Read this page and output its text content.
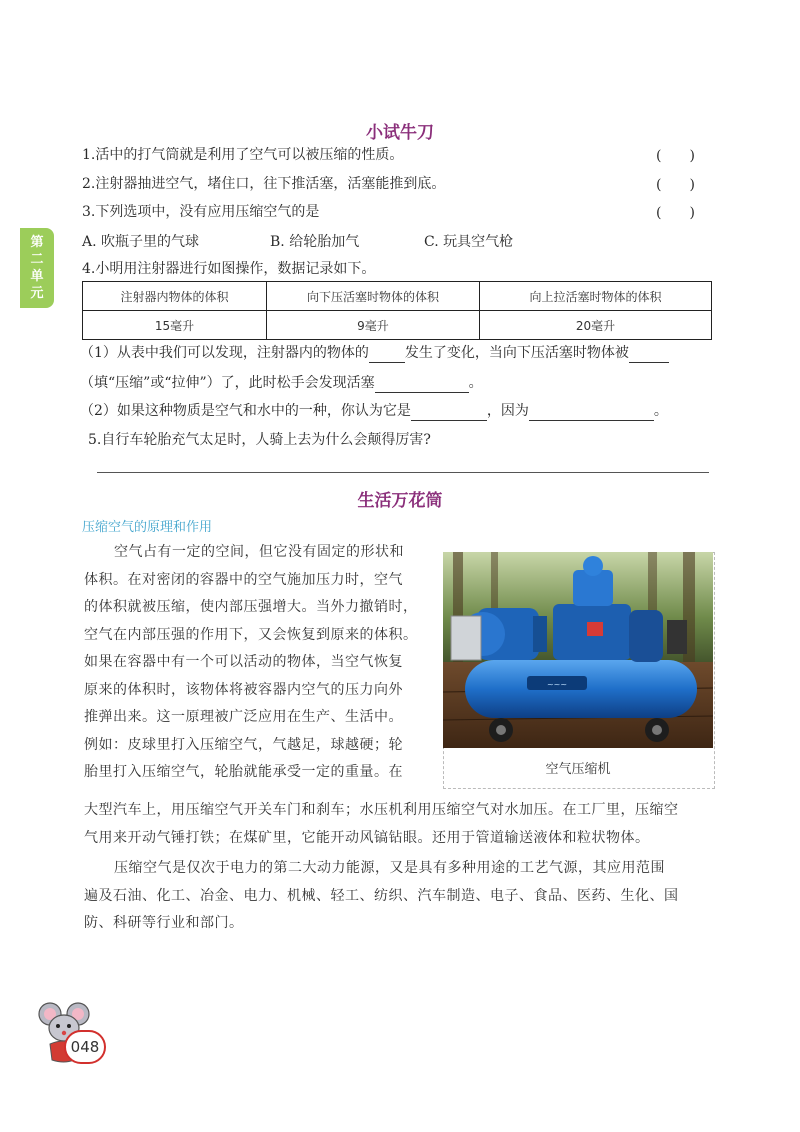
第二单元
小试牛刀
1.活中的打气筒就是利用了空气可以被压缩的性质。	(　　)
2.注射器抽进空气，堵住口，往下推活塞，活塞能推到底。	(　　)
3.下列选项中，没有应用压缩空气的是	(　　)
A. 吹瓶子里的气球	B. 给轮胎加气	C. 玩具空气枪
4.小明用注射器进行如图操作，数据记录如下。
注射器内物体的体积	向下压活塞时物体的体积	向上拉活塞时物体的体积
15毫升	9毫升	20毫升
（1）从表中我们可以发现，注射器内的物体的	发生了变化，当向下压活塞时物体被
（填“压缩”或“拉伸”）了，此时松手会发现活塞	。
（2）如果这种物质是空气和水中的一种，你认为它是	，因为	。
5.自行车轮胎充气太足时，人骑上去为什么会颠得厉害?
生活万花筒
压缩空气的原理和作用
空气占有一定的空间，但它没有固定的形状和
体积。在对密闭的容器中的空气施加压力时，空气
的体积就被压缩，使内部压强增大。当外力撤销时，
空气在内部压强的作用下，又会恢复到原来的体积。
如果在容器中有一个可以活动的物体，当空气恢复
原来的体积时，该物体将被容器内空气的压力向外
推弹出来。这一原理被广泛应用在生产、生活中。
例如：皮球里打入压缩空气，气越足，球越硬；轮
胎里打入压缩空气，轮胎就能承受一定的重量。在
大型汽车上，用压缩空气开关车门和刹车；水压机利用压缩空气对水加压。在工厂里，压缩空
气用来开动气锤打铁；在煤矿里，它能开动风镐钻眼。还用于管道输送液体和粒状物体。
压缩空气是仅次于电力的第二大动力能源，又是具有多种用途的工艺气源，其应用范围
遍及石油、化工、冶金、电力、机械、轻工、纺织、汽车制造、电子、食品、医药、生化、国
防、科研等行业和部门。
~~~
空气压缩机
048
